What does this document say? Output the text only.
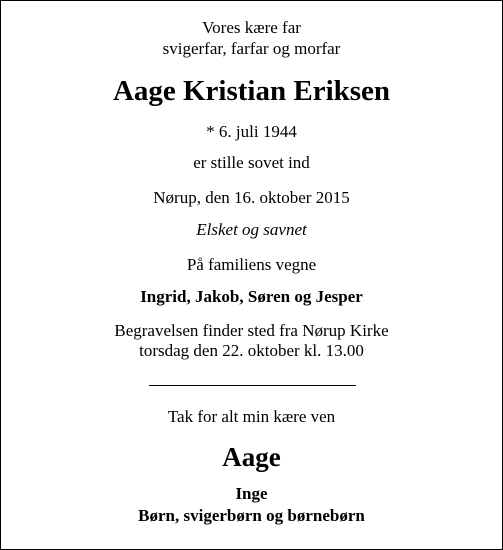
Vores kære far
svigerfar, farfar og morfar
Aage Kristian Eriksen
* 6. juli 1944
er stille sovet ind
Nørup, den 16. oktober 2015
Elsket og savnet
På familiens vegne
Ingrid, Jakob, Søren og Jesper
Begravelsen finder sted fra Nørup Kirke
torsdag den 22. oktober kl. 13.00
Tak for alt min kære ven
Aage
Inge
Børn, svigerbørn og børnebørn
